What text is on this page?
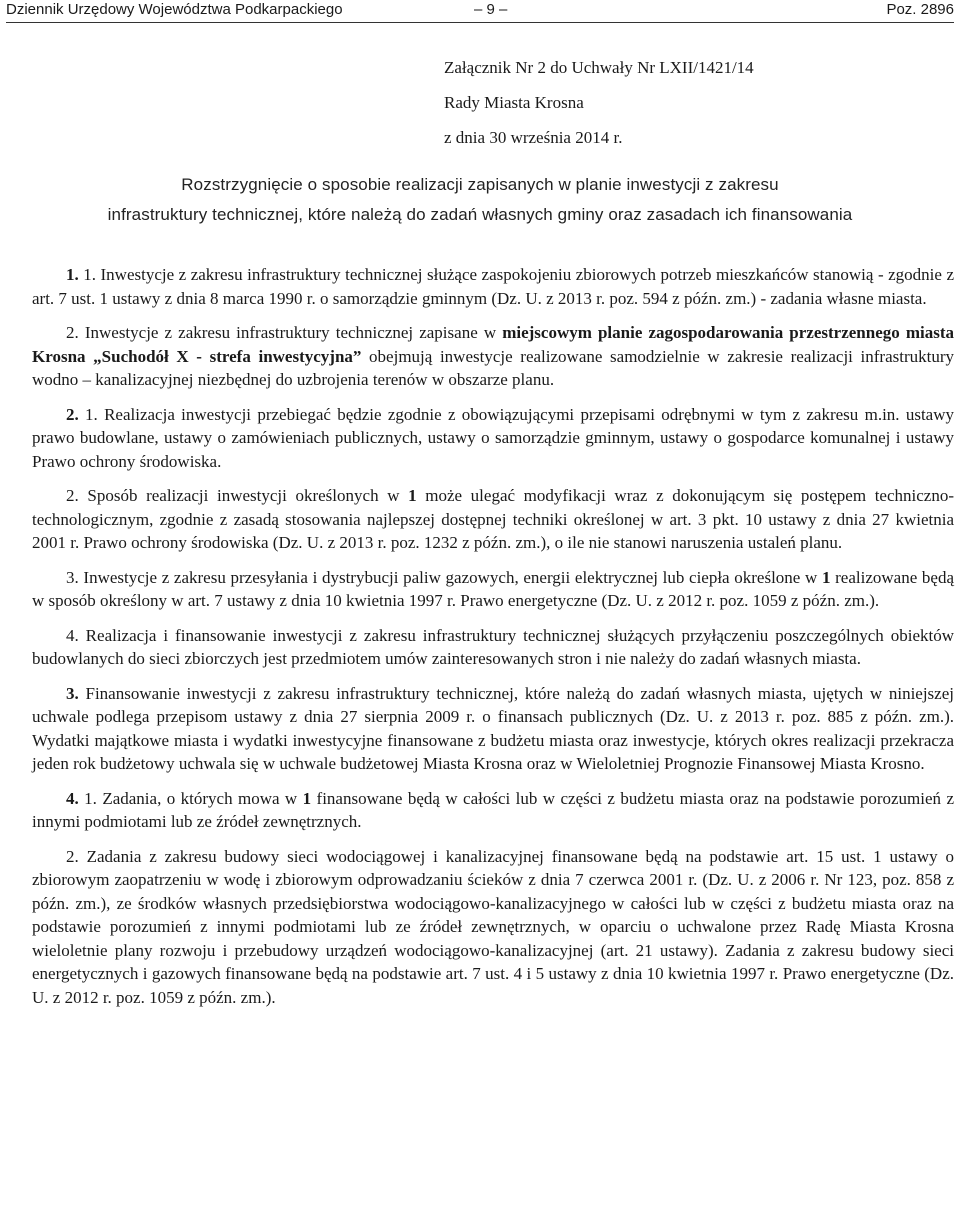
Dziennik Urzędowy Województwa Podkarpackiego	– 9 –	Poz. 2896
Załącznik Nr 2 do Uchwały Nr LXII/1421/14
Rady Miasta Krosna
z dnia 30 września 2014 r.
Rozstrzygnięcie o sposobie realizacji zapisanych w planie inwestycji z zakresu
infrastruktury technicznej, które należą do zadań własnych gminy oraz zasadach ich finansowania

1. 1. Inwestycje z zakresu infrastruktury technicznej służące zaspokojeniu zbiorowych potrzeb mieszkańców stanowią - zgodnie z art. 7 ust. 1 ustawy z dnia 8 marca 1990 r. o samorządzie gminnym (Dz. U. z 2013 r. poz. 594 z późn. zm.) - zadania własne miasta.

2. Inwestycje z zakresu infrastruktury technicznej zapisane w miejscowym planie zagospodarowania przestrzennego miasta Krosna „Suchodół X - strefa inwestycyjna” obejmują inwestycje realizowane samodzielnie w zakresie realizacji infrastruktury wodno – kanalizacyjnej niezbędnej do uzbrojenia terenów w obszarze planu.

2. 1. Realizacja inwestycji przebiegać będzie zgodnie z obowiązującymi przepisami odrębnymi w tym z zakresu m.in. ustawy prawo budowlane, ustawy o zamówieniach publicznych, ustawy o samorządzie gminnym, ustawy o gospodarce komunalnej i ustawy Prawo ochrony środowiska.

2. Sposób realizacji inwestycji określonych w 1 może ulegać modyfikacji wraz z dokonującym się postępem techniczno-technologicznym, zgodnie z zasadą stosowania najlepszej dostępnej techniki określonej w art. 3 pkt. 10 ustawy z dnia 27 kwietnia 2001 r. Prawo ochrony środowiska (Dz. U. z 2013 r. poz. 1232 z późn. zm.), o ile nie stanowi naruszenia ustaleń planu.

3. Inwestycje z zakresu przesyłania i dystrybucji paliw gazowych, energii elektrycznej lub ciepła określone w 1 realizowane będą w sposób określony w art. 7 ustawy z dnia 10 kwietnia 1997 r. Prawo energetyczne (Dz. U. z 2012 r. poz. 1059 z późn. zm.).

4. Realizacja i finansowanie inwestycji z zakresu infrastruktury technicznej służących przyłączeniu poszczególnych obiektów budowlanych do sieci zbiorczych jest przedmiotem umów zainteresowanych stron i nie należy do zadań własnych miasta.

3. Finansowanie inwestycji z zakresu infrastruktury technicznej, które należą do zadań własnych miasta, ujętych w niniejszej uchwale podlega przepisom ustawy z dnia 27 sierpnia 2009 r. o finansach publicznych (Dz. U. z 2013 r. poz. 885 z późn. zm.). Wydatki majątkowe miasta i wydatki inwestycyjne finansowane z budżetu miasta oraz inwestycje, których okres realizacji przekracza jeden rok budżetowy uchwala się w uchwale budżetowej Miasta Krosna oraz w Wieloletniej Prognozie Finansowej Miasta Krosno.

4. 1. Zadania, o których mowa w 1 finansowane będą w całości lub w części z budżetu miasta oraz na podstawie porozumień z innymi podmiotami lub ze źródeł zewnętrznych.

2. Zadania z zakresu budowy sieci wodociągowej i kanalizacyjnej finansowane będą na podstawie art. 15 ust. 1 ustawy o zbiorowym zaopatrzeniu w wodę i zbiorowym odprowadzaniu ścieków z dnia 7 czerwca 2001 r. (Dz. U. z 2006 r. Nr 123, poz. 858 z późn. zm.), ze środków własnych przedsiębiorstwa wodociągowo-kanalizacyjnego w całości lub w części z budżetu miasta oraz na podstawie porozumień z innymi podmiotami lub ze źródeł zewnętrznych, w oparciu o uchwalone przez Radę Miasta Krosna wieloletnie plany rozwoju i przebudowy urządzeń wodociągowo-kanalizacyjnej (art. 21 ustawy). Zadania z zakresu budowy sieci energetycznych i gazowych finansowane będą na podstawie art. 7 ust. 4 i 5 ustawy z dnia 10 kwietnia 1997 r. Prawo energetyczne (Dz. U. z 2012 r. poz. 1059 z późn. zm.).
